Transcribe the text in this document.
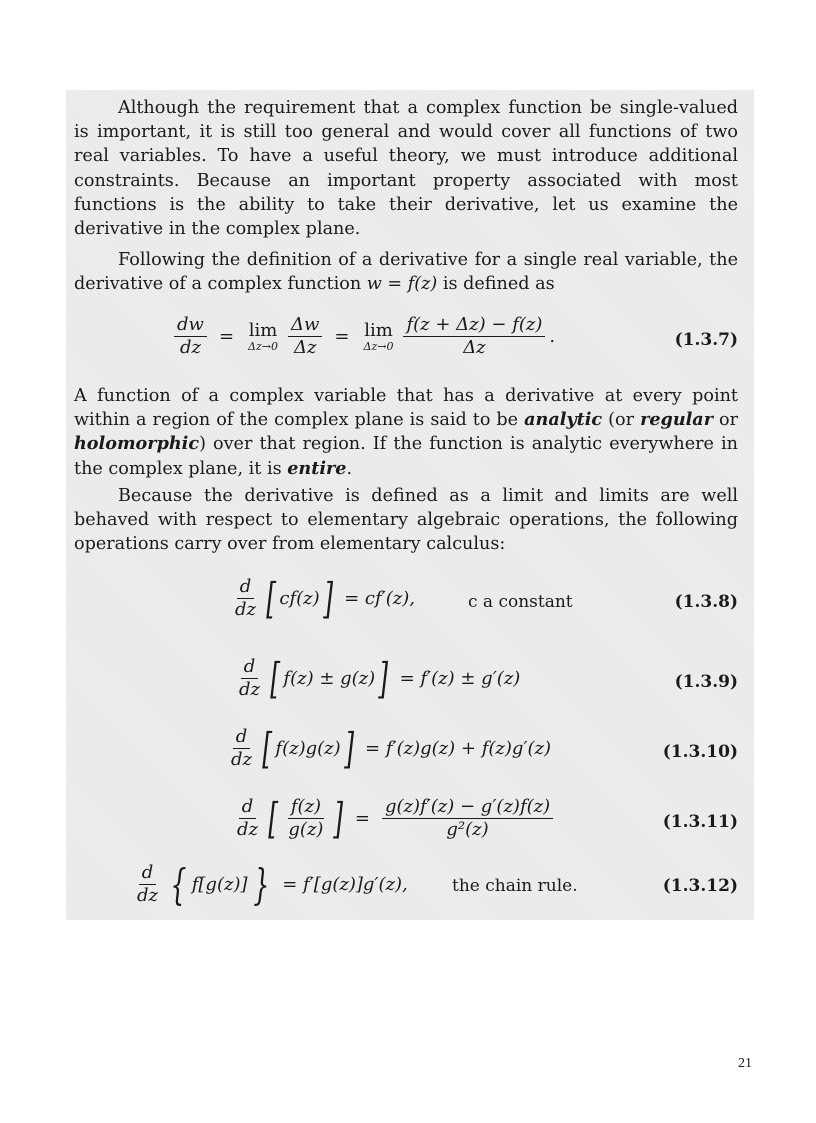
Although the requirement that a complex function be single-valued is important, it is still too general and would cover all functions of two real variables. To have a useful theory, we must introduce additional constraints. Because an important property associated with most functions is the ability to take their derivative, let us examine the derivative in the complex plane.

Following the definition of a derivative for a single real variable, the derivative of a complex function w = f(z) is defined as

$\frac{dw}{dz} = \lim$
$\Delta z\to 0 \frac{\Delta w}{\Delta z} = \lim$
$\Delta z\to 0 \frac{f(z + \Delta z) - f(z)}{\Delta z}$ .	(1.3.7)

A function of a complex variable that has a derivative at every point within a region of the complex plane is said to be analytic (or regular or holomorphic) over that region. If the function is analytic everywhere in the complex plane, it is entire.

Because the derivative is defined as a limit and limits are well behaved with respect to elementary algebraic operations, the following operations carry over from elementary calculus:

$\frac{d}{dz}$ [ cf(z) ] = cf′(z),	c a constant	(1.3.8)
$\frac{d}{dz}$ [ f(z) ± g(z) ] = f′(z) ± g′(z)	(1.3.9)
$\frac{d}{dz}$ [ f(z)g(z) ] = f′(z)g(z) + f(z)g′(z)	(1.3.10)
$\frac{d}{dz}$ [ $\frac{f(z)}{g(z)}$ ] = $\frac{g(z)f'(z) - g'(z)f(z)}{\text{g²(z)}}$	(1.3.11)
$\frac{d}{dz}$ { f[g(z)] } = f′[g(z)]g′(z),	the chain rule.	(1.3.12)
21
